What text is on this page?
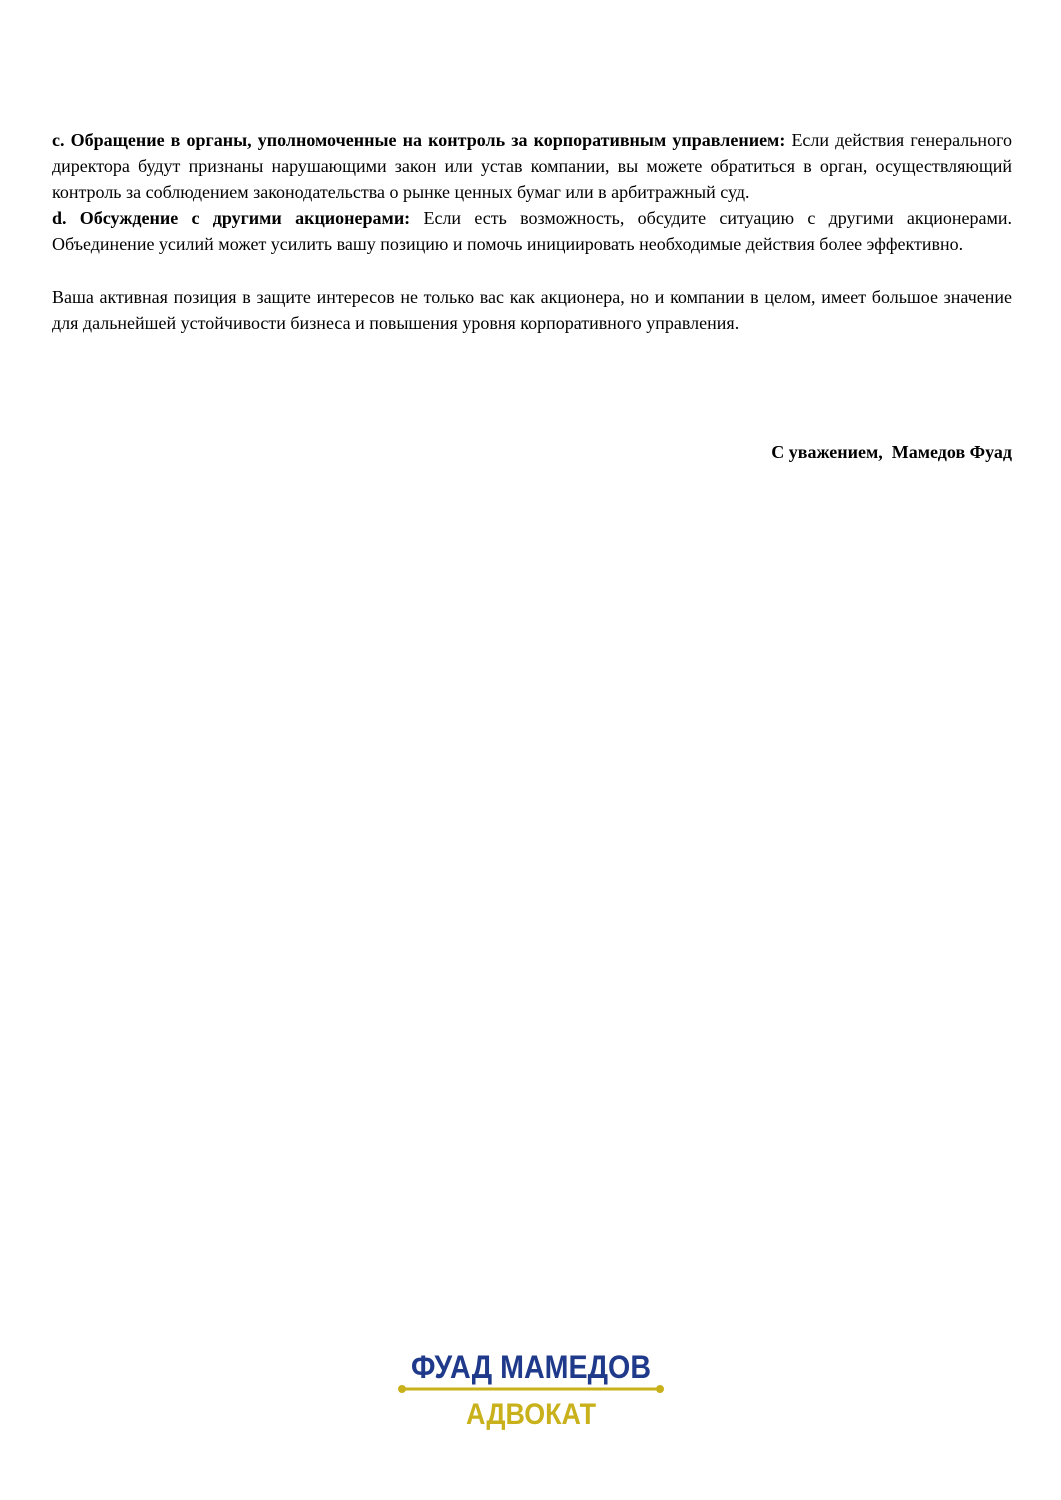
c. Обращение в органы, уполномоченные на контроль за корпоративным управлением: Если действия генерального директора будут признаны нарушающими закон или устав компании, вы можете обратиться в орган, осуществляющий контроль за соблюдением законодательства о рынке ценных бумаг или в арбитражный суд.

d. Обсуждение с другими акционерами: Если есть возможность, обсудите ситуацию с другими акционерами. Объединение усилий может усилить вашу позицию и помочь инициировать необходимые действия более эффективно.

Ваша активная позиция в защите интересов не только вас как акционера, но и компании в целом, имеет большое значение для дальнейшей устойчивости бизнеса и повышения уровня корпоративного управления.

С уважением,  Мамедов Фуад
ФУАД МАМЕДОВ
АДВОКАТ
